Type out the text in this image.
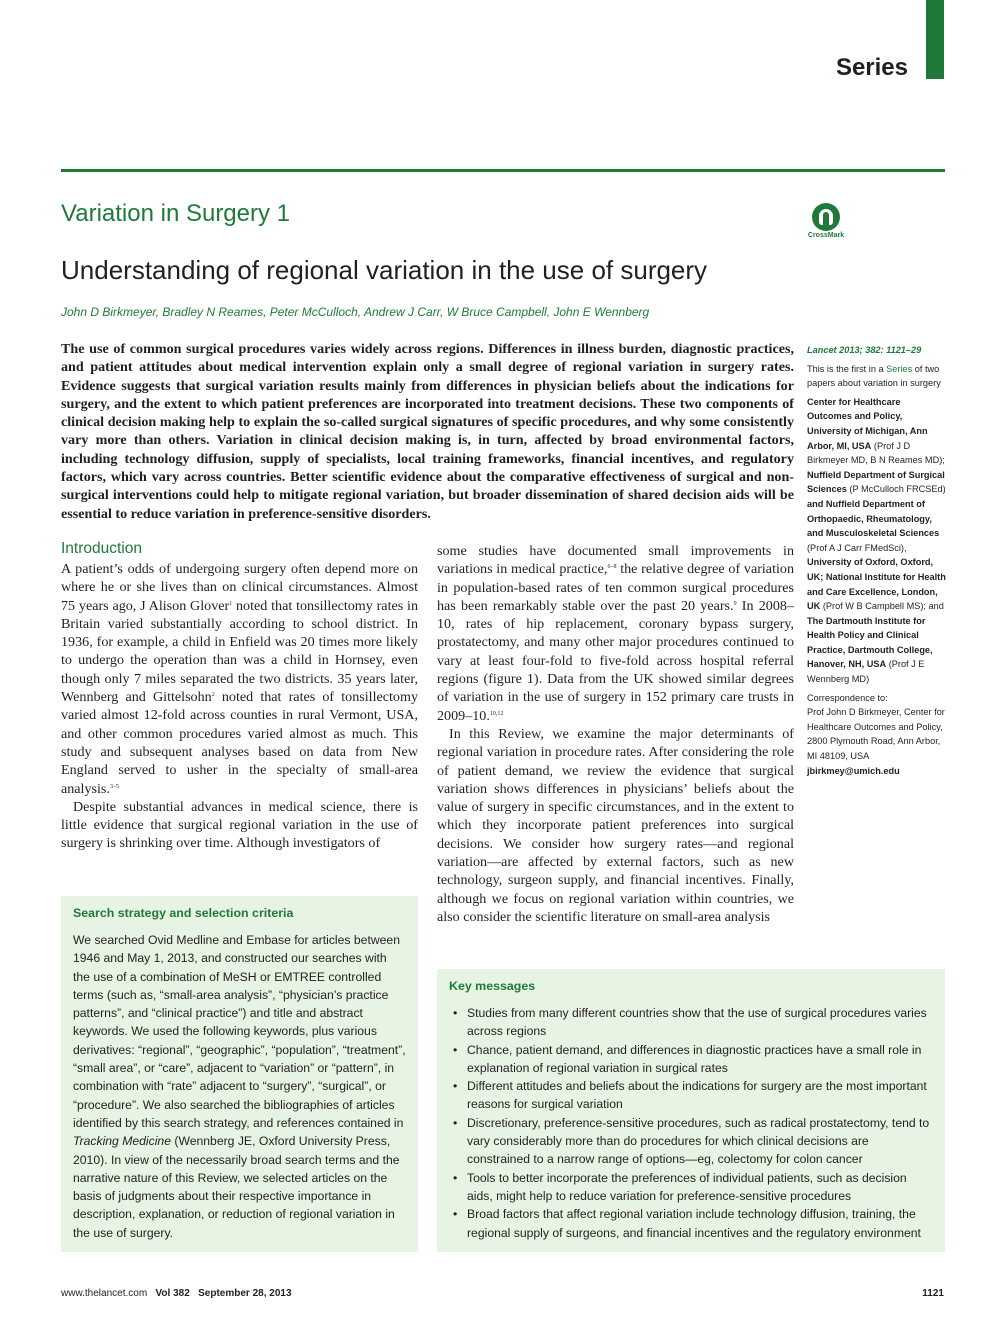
Series
Variation in Surgery 1
CrossMark
Understanding of regional variation in the use of surgery
John D Birkmeyer, Bradley N Reames, Peter McCulloch, Andrew J Carr, W Bruce Campbell, John E Wennberg
The use of common surgical procedures varies widely across regions. Differences in illness burden, diagnostic practices, and patient attitudes about medical intervention explain only a small degree of regional variation in surgery rates. Evidence suggests that surgical variation results mainly from differences in physician beliefs about the indications for surgery, and the extent to which patient preferences are incorporated into treatment decisions. These two components of clinical decision making help to explain the so-called surgical signatures of specific procedures, and why some consistently vary more than others. Variation in clinical decision making is, in turn, affected by broad environmental factors, including technology diffusion, supply of specialists, local training frameworks, financial incentives, and regulatory factors, which vary across countries. Better scientific evidence about the comparative effectiveness of surgical and non-surgical interventions could help to mitigate regional variation, but broader dissemination of shared decision aids will be essential to reduce variation in preference-sensitive disorders.
Introduction

A patient’s odds of undergoing surgery often depend more on where he or she lives than on clinical circumstances. Almost 75 years ago, J Alison Glover$^1$ noted that tonsillectomy rates in Britain varied substantially according to school district. In 1936, for example, a child in Enfield was 20 times more likely to undergo the operation than was a child in Hornsey, even though only 7 miles separated the two districts. 35 years later, Wennberg and Gittelsohn$^2$ noted that rates of tonsillectomy varied almost 12-fold across counties in rural Vermont, USA, and other common procedures varied almost as much. This study and subsequent analyses based on data from New England served to usher in the specialty of small-area analysis.$^{3-5}$

Despite substantial advances in medical science, there is little evidence that surgical regional variation in the use of surgery is shrinking over time. Although investigators of

some studies have documented small improvements in variations in medical practice,$^{6-8}$ the relative degree of variation in population-based rates of ten common surgical procedures has been remarkably stable over the past 20 years.$^9$ In 2008–10, rates of hip replacement, coronary bypass surgery, prostatectomy, and many other major procedures continued to vary at least four-fold to five-fold across hospital referral regions (figure 1). Data from the UK showed similar degrees of variation in the use of surgery in 152 primary care trusts in 2009–10.$^{10,12}$

In this Review, we examine the major determinants of regional variation in procedure rates. After considering the role of patient demand, we review the evidence that surgical variation shows differences in physicians’ beliefs about the value of surgery in specific circumstances, and in the extent to which they incorporate patient preferences into surgical decisions. We consider how surgery rates—and regional variation—are affected by external factors, such as new technology, surgeon supply, and financial incentives. Finally, although we focus on regional variation within countries, we also consider the scientific literature on small-area analysis

Lancet 2013; 382: 1121–29
This is the first in a Series of two papers about variation in surgery
Center for Healthcare Outcomes and Policy, University of Michigan, Ann Arbor, MI, USA (Prof J D Birkmeyer MD, B N Reames MD); Nuffield Department of Surgical Sciences (P McCulloch FRCSEd) and Nuffield Department of Orthopaedic, Rheumatology, and Musculoskeletal Sciences (Prof A J Carr FMedSci), University of Oxford, Oxford, UK; National Institute for Health and Care Excellence, London, UK (Prof W B Campbell MS); and The Dartmouth Institute for Health Policy and Clinical Practice, Dartmouth College, Hanover, NH, USA (Prof J E Wennberg MD)
Correspondence to:
Prof John D Birkmeyer, Center for Healthcare Outcomes and Policy, 2800 Plymouth Road, Ann Arbor, MI 48109, USA
jbirkmey@umich.edu
Search strategy and selection criteria
We searched Ovid Medline and Embase for articles between 1946 and May 1, 2013, and constructed our searches with the use of a combination of MeSH or EMTREE controlled terms (such as, “small-area analysis”, “physician’s practice patterns”, and “clinical practice”) and title and abstract keywords. We used the following keywords, plus various derivatives: “regional”, “geographic”, “population”, “treatment”, “small area”, or “care”, adjacent to “variation” or “pattern”, in combination with “rate” adjacent to “surgery”, “surgical”, or “procedure”. We also searched the bibliographies of articles identified by this search strategy, and references contained in Tracking Medicine (Wennberg JE, Oxford University Press, 2010). In view of the necessarily broad search terms and the narrative nature of this Review, we selected articles on the basis of judgments about their respective importance in description, explanation, or reduction of regional variation in the use of surgery.
Key messages
• Studies from many different countries show that the use of surgical procedures varies across regions
• Chance, patient demand, and differences in diagnostic practices have a small role in explanation of regional variation in surgical rates
• Different attitudes and beliefs about the indications for surgery are the most important reasons for surgical variation
• Discretionary, preference-sensitive procedures, such as radical prostatectomy, tend to vary considerably more than do procedures for which clinical decisions are constrained to a narrow range of options—eg, colectomy for colon cancer
• Tools to better incorporate the preferences of individual patients, such as decision aids, might help to reduce variation for preference-sensitive procedures
• Broad factors that affect regional variation include technology diffusion, training, the regional supply of surgeons, and financial incentives and the regulatory environment
www.thelancet.com Vol 382 September 28, 2013	1121
